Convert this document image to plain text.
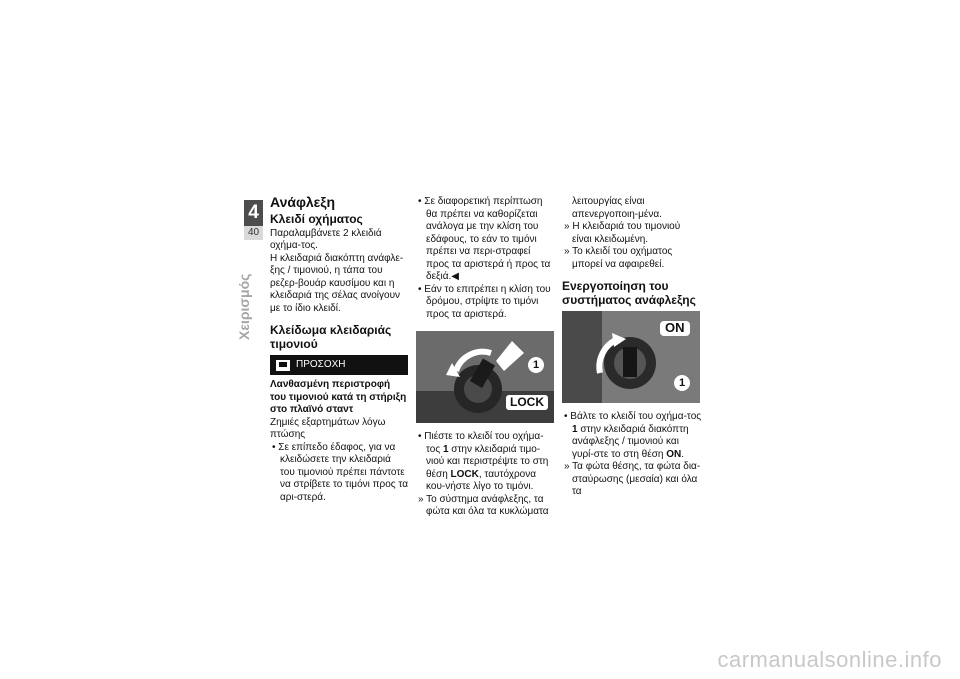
4
40
Χειρισμός
Ανάφλεξη
Κλειδί οχήματος

Παραλαμβάνετε 2 κλειδιά οχήμα-τος.

Η κλειδαριά διακόπτη ανάφλε-ξης / τιμονιού, η τάπα του ρεζερ-βουάρ καυσίμου και η κλειδαριά της σέλας ανοίγουν με το ίδιο κλειδί.

Κλείδωμα κλειδαριάς τιμονιού
ΠΡΟΣΟΧΗ

Λανθασμένη περιστροφή του τιμονιού κατά τη στήριξη στο πλαϊνό σταντ

Ζημιές εξαρτημάτων λόγω πτώσης

• Σε επίπεδο έδαφος, για να κλειδώσετε την κλειδαριά του τιμονιού πρέπει πάντοτε να στρίβετε το τιμόνι προς τα αρι-στερά.

• Σε διαφορετική περίπτωση θα πρέπει να καθορίζεται ανάλογα με την κλίση του εδάφους, το εάν το τιμόνι πρέπει να περι-στραφεί προς τα αριστερά ή προς τα δεξιά.◀

• Εάν το επιτρέπει η κλίση του δρόμου, στρίψτε το τιμόνι προς τα αριστερά.

1
LOCK

• Πιέστε το κλειδί του οχήμα-τος 1 στην κλειδαριά τιμο-νιού και περιστρέψτε το στη θέση LOCK, ταυτόχρονα κου-νήστε λίγο το τιμόνι.

» Το σύστημα ανάφλεξης, τα φώτα και όλα τα κυκλώματα

λειτουργίας είναι απενεργοποιη-μένα.

» Η κλειδαριά του τιμονιού είναι κλειδωμένη.

» Το κλειδί του οχήματος μπορεί να αφαιρεθεί.

Ενεργοποίηση του συστήματος ανάφλεξης
ON
1

• Βάλτε το κλειδί του οχήμα-τος 1 στην κλειδαριά διακόπτη ανάφλεξης / τιμονιού και γυρί-στε το στη θέση ON.

» Τα φώτα θέσης, τα φώτα δια-σταύρωσης (μεσαία) και όλα τα

carmanualsonline.info
